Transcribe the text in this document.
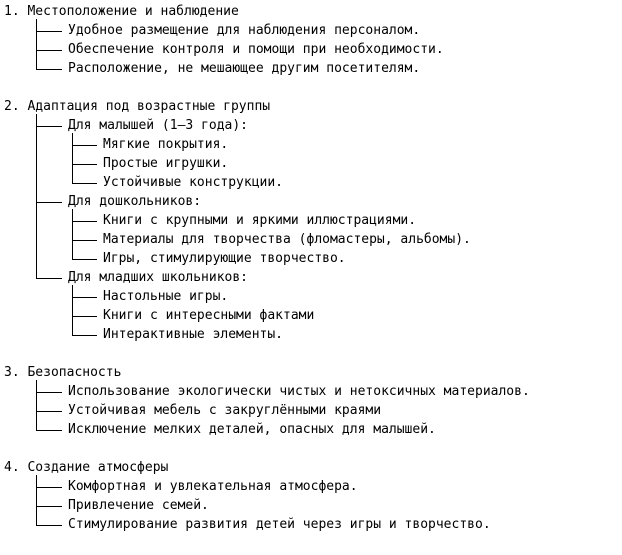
1. Местоположение и наблюдение
Удобное размещение для наблюдения персоналом.
Обеспечение контроля и помощи при необходимости.
Расположение, не мешающее другим посетителям.
2. Адаптация под возрастные группы
Для малышей (1–3 года):
Мягкие покрытия.
Простые игрушки.
Устойчивые конструкции.
Для дошкольников:
Книги с крупными и яркими иллюстрациями.
Материалы для творчества (фломастеры, альбомы).
Игры, стимулирующие творчество.
Для младших школьников:
Настольные игры.
Книги с интересными фактами
Интерактивные элементы.
3. Безопасность
Использование экологически чистых и нетоксичных материалов.
Устойчивая мебель с закруглёнными краями
Исключение мелких деталей, опасных для малышей.
4. Создание атмосферы
Комфортная и увлекательная атмосфера.
Привлечение семей.
Стимулирование развития детей через игры и творчество.
